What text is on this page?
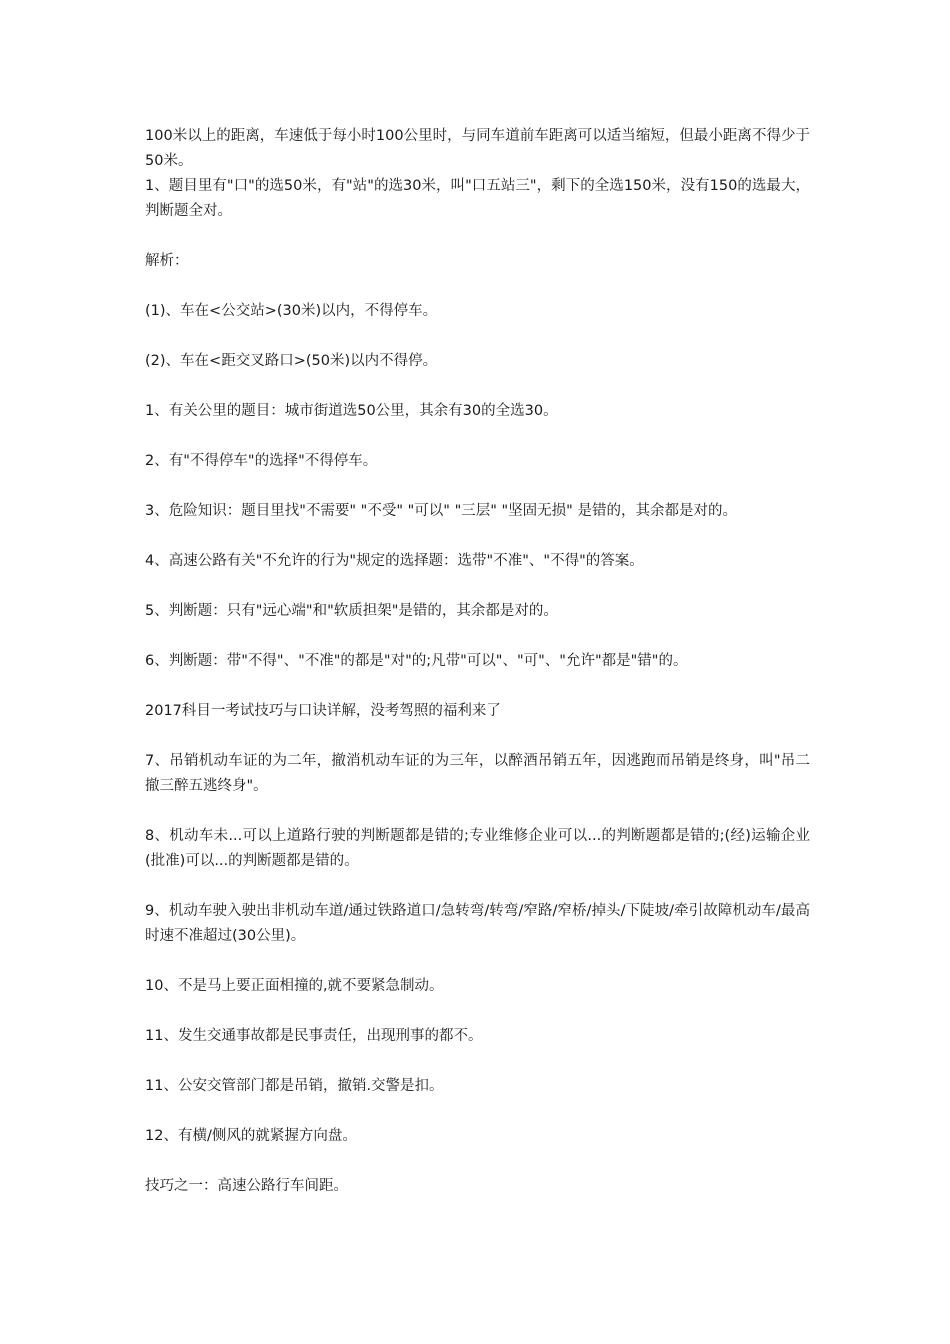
100米以上的距离，车速低于每小时100公里时，与同车道前车距离可以适当缩短，但最小距离不得少于50米。

1、题目里有"口"的选50米，有"站"的选30米，叫"口五站三"，剩下的全选150米，没有150的选最大，判断题全对。

解析：

(1)、车在<公交站>(30米)以内，不得停车。

(2)、车在<距交叉路口>(50米)以内不得停。

1、有关公里的题目：城市街道选50公里，其余有30的全选30。

2、有"不得停车"的选择"不得停车。

3、危险知识：题目里找"不需要" "不受" "可以" "三层" "坚固无损" 是错的，其余都是对的。

4、高速公路有关"不允许的行为"规定的选择题：选带"不准"、"不得"的答案。

5、判断题：只有"远心端"和"软质担架"是错的，其余都是对的。

6、判断题：带"不得"、"不准"的都是"对"的;凡带"可以"、"可"、"允许"都是"错"的。

2017科目一考试技巧与口诀详解，没考驾照的福利来了

7、吊销机动车证的为二年，撤消机动车证的为三年，以醉酒吊销五年，因逃跑而吊销是终身，叫"吊二撤三醉五逃终身"。

8、机动车未...可以上道路行驶的判断题都是错的;专业维修企业可以...的判断题都是错的;(经)运输企业(批准)可以...的判断题都是错的。

9、机动车驶入驶出非机动车道/通过铁路道口/急转弯/转弯/窄路/窄桥/掉头/下陡坡/牵引故障机动车/最高时速不准超过(30公里)。

10、不是马上要正面相撞的,就不要紧急制动。

11、发生交通事故都是民事责任，出现刑事的都不。

11、公安交管部门都是吊销，撤销.交警是扣。

12、有横/侧风的就紧握方向盘。

技巧之一：高速公路行车间距。
